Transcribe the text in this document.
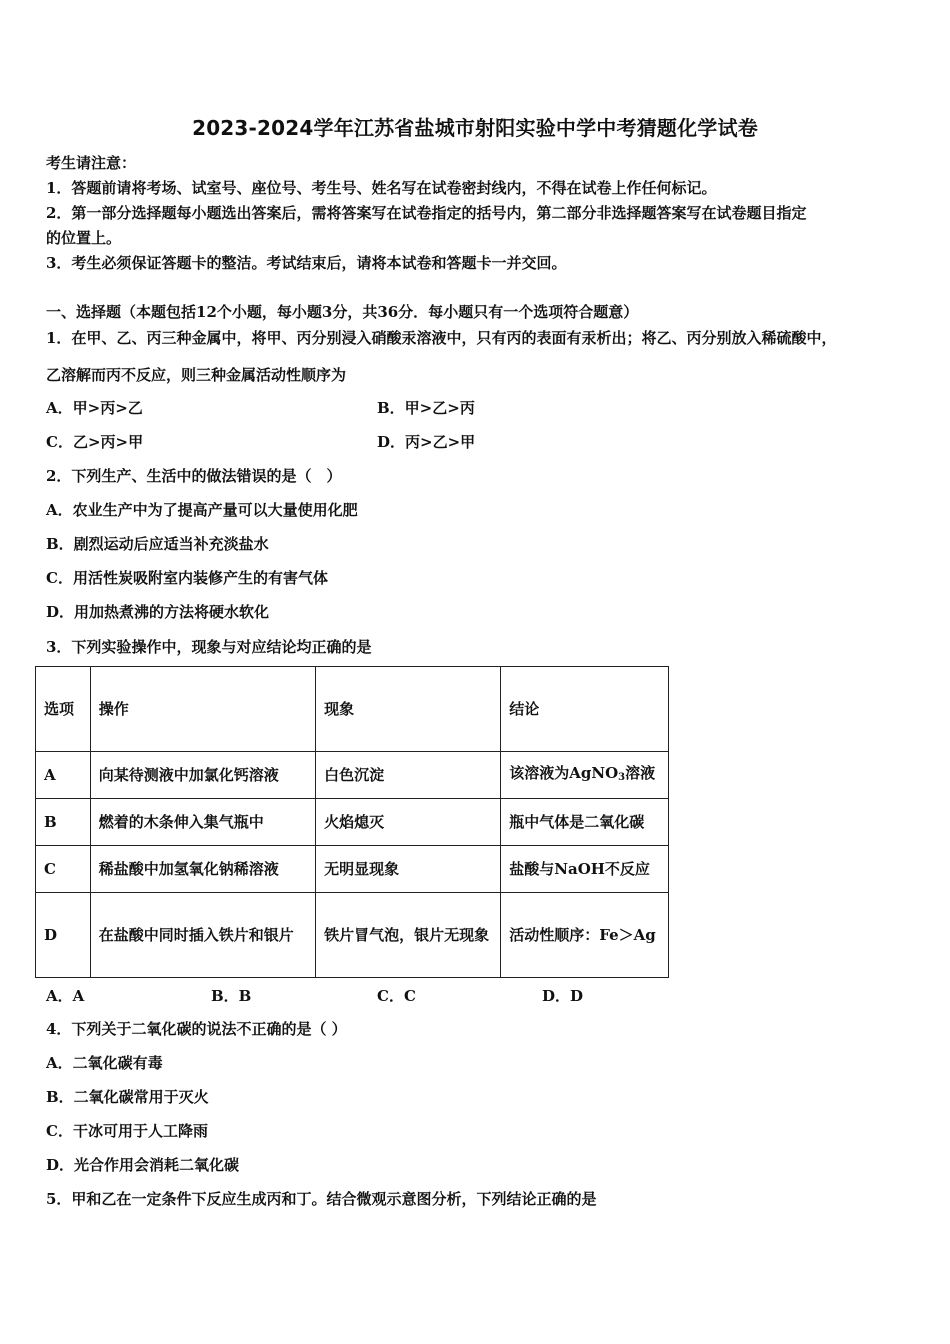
2023-2024学年江苏省盐城市射阳实验中学中考猜题化学试卷
考生请注意：
1．答题前请将考场、试室号、座位号、考生号、姓名写在试卷密封线内，不得在试卷上作任何标记。
2．第一部分选择题每小题选出答案后，需将答案写在试卷指定的括号内，第二部分非选择题答案写在试卷题目指定
的位置上。
3．考生必须保证答题卡的整洁。考试结束后，请将本试卷和答题卡一并交回。
一、选择题（本题包括12个小题，每小题3分，共36分．每小题只有一个选项符合题意）
1．在甲、乙、丙三种金属中，将甲、丙分别浸入硝酸汞溶液中，只有丙的表面有汞析出；将乙、丙分别放入稀硫酸中，
乙溶解而丙不反应，则三种金属活动性顺序为
A．甲>丙>乙	B．甲>乙>丙
C．乙>丙>甲	D．丙>乙>甲
2．下列生产、生活中的做法错误的是（　）
A．农业生产中为了提高产量可以大量使用化肥
B．剧烈运动后应适当补充淡盐水
C．用活性炭吸附室内装修产生的有害气体
D．用加热煮沸的方法将硬水软化
3．下列实验操作中，现象与对应结论均正确的是
选项	操作	现象	结论
A	向某待测液中加氯化钙溶液	白色沉淀	该溶液为AgNO$_3$溶液
B	燃着的木条伸入集气瓶中	火焰熄灭	瓶中气体是二氧化碳
C	稀盐酸中加氢氧化钠稀溶液	无明显现象	盐酸与NaOH不反应
D	在盐酸中同时插入铁片和银片	铁片冒气泡，银片无现象	活动性顺序：Fe＞Ag
A．A	B．B	C．C	D．D
4．下列关于二氧化碳的说法不正确的是（ ）
A．二氧化碳有毒
B．二氧化碳常用于灭火
C．干冰可用于人工降雨
D．光合作用会消耗二氧化碳
5．甲和乙在一定条件下反应生成丙和丁。结合微观示意图分析，下列结论正确的是
